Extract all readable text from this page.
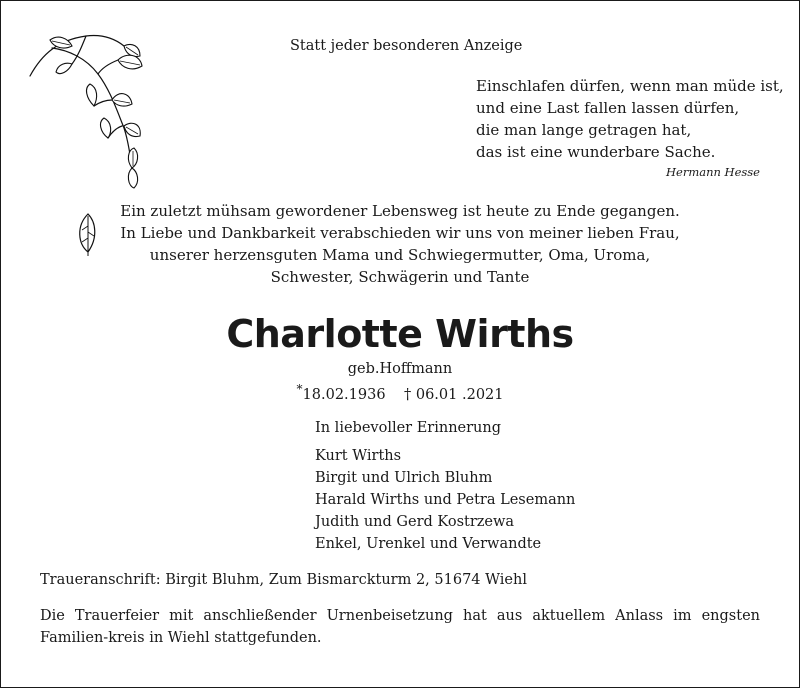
Statt jeder besonderen Anzeige
Einschlafen dürfen, wenn man müde ist,
und eine Last fallen lassen dürfen,
die man lange getragen hat,
das ist eine wunderbare Sache.
Hermann Hesse
Ein zuletzt mühsam gewordener Lebensweg ist heute zu Ende gegangen.
In Liebe und Dankbarkeit verabschieden wir uns von meiner lieben Frau,
unserer herzensguten Mama und Schwiegermutter, Oma, Uroma,
Schwester, Schwägerin und Tante
Charlotte Wirths
geb.Hoffmann
*18.02.1936 † 06.01 .2021
In liebevoller Erinnerung
Kurt Wirths
Birgit und Ulrich Bluhm
Harald Wirths und Petra Lesemann
Judith und Gerd Kostrzewa
Enkel, Urenkel und Verwandte
Traueranschrift: Birgit Bluhm, Zum Bismarckturm 2, 51674 Wiehl
Die Trauerfeier mit anschließender Urnenbeisetzung hat aus aktuellem Anlass im engsten Familien-kreis in Wiehl stattgefunden.
